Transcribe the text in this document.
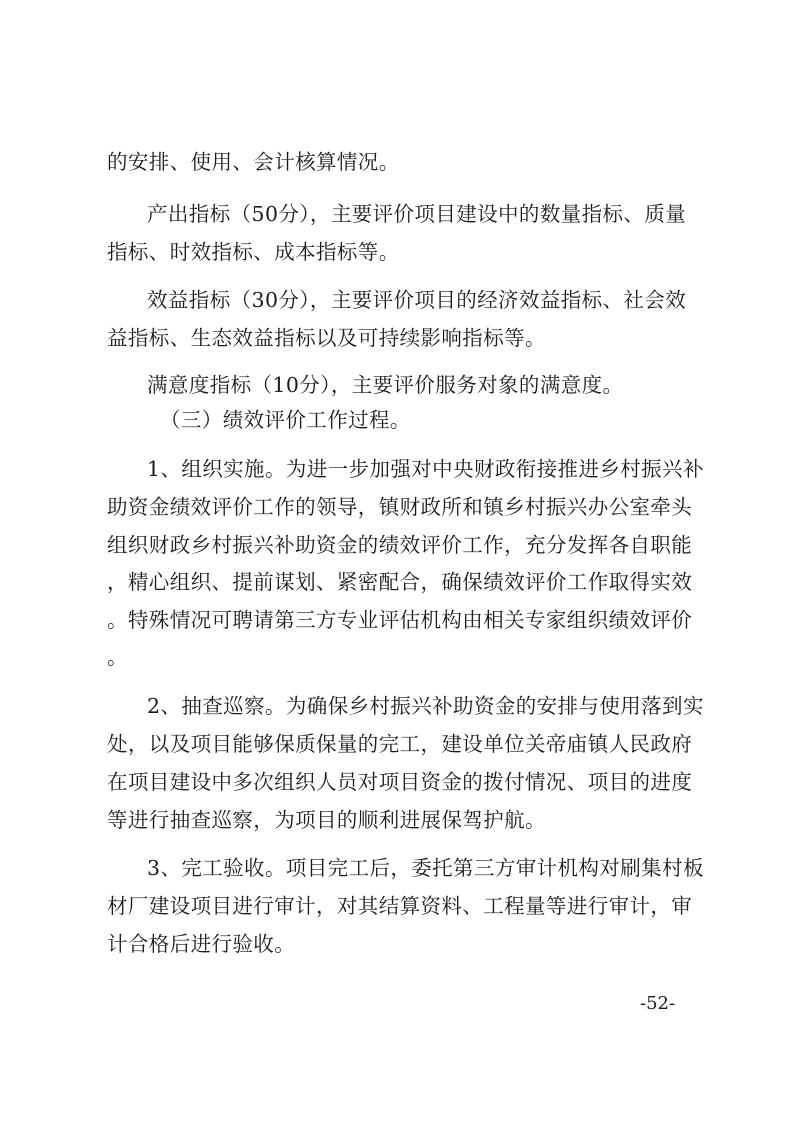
的安排、使用、会计核算情况。
产出指标（50分），主要评价项目建设中的数量指标、质量
指标、时效指标、成本指标等。
效益指标（30分），主要评价项目的经济效益指标、社会效
益指标、生态效益指标以及可持续影响指标等。
满意度指标（10分），主要评价服务对象的满意度。
（三）绩效评价工作过程。
1、组织实施。为进一步加强对中央财政衔接推进乡村振兴补
助资金绩效评价工作的领导，镇财政所和镇乡村振兴办公室牵头
组织财政乡村振兴补助资金的绩效评价工作，充分发挥各自职能
，精心组织、提前谋划、紧密配合，确保绩效评价工作取得实效
。特殊情况可聘请第三方专业评估机构由相关专家组织绩效评价
。
2、抽查巡察。为确保乡村振兴补助资金的安排与使用落到实
处，以及项目能够保质保量的完工，建设单位关帝庙镇人民政府
在项目建设中多次组织人员对项目资金的拨付情况、项目的进度
等进行抽查巡察，为项目的顺利进展保驾护航。
3、完工验收。项目完工后，委托第三方审计机构对刷集村板
材厂建设项目进行审计，对其结算资料、工程量等进行审计，审
计合格后进行验收。
-52-
